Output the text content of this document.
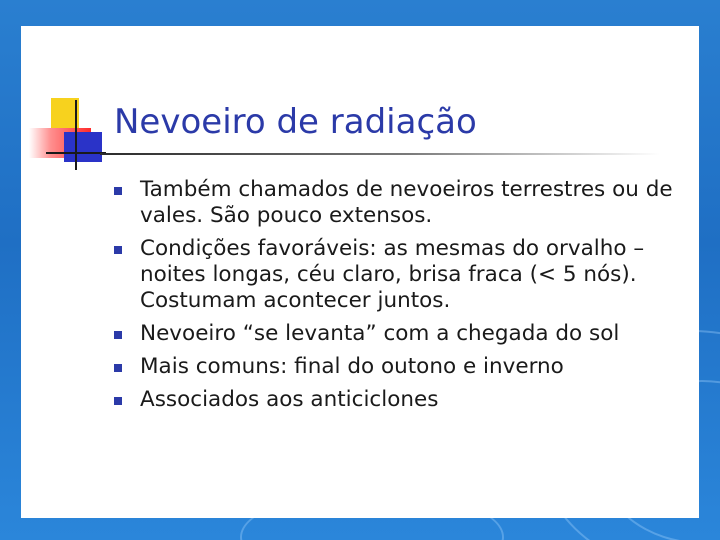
Nevoeiro de radiação
Também chamados de nevoeiros terrestres ou de vales. São pouco extensos.
Condições favoráveis: as mesmas do orvalho – noites longas, céu claro, brisa fraca (< 5 nós). Costumam acontecer juntos.
Nevoeiro “se levanta” com a chegada do sol
Mais comuns: final do outono e inverno
Associados aos anticiclones
